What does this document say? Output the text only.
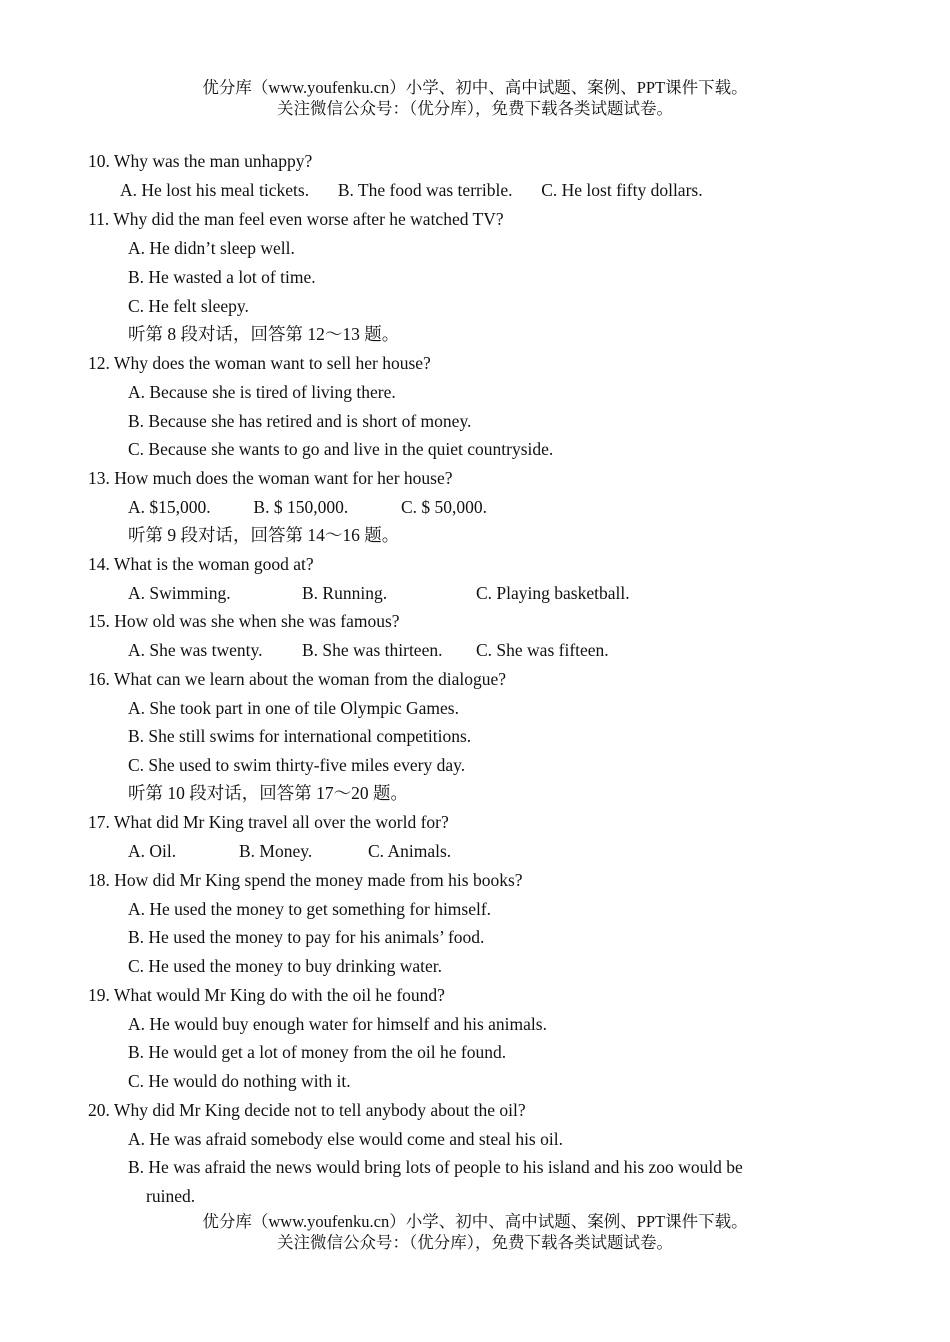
优分库（www.youfenku.cn）小学、初中、高中试题、案例、PPT课件下载。
关注微信公众号：（优分库），免费下载各类试题试卷。
10. Why was the man unhappy?
A. He lost his meal tickets. B. The food was terrible. C. He lost fifty dollars.
11. Why did the man feel even worse after he watched TV?
A. He didn’t sleep well.
B. He wasted a lot of time.
C. He felt sleepy.
听第 8 段对话，回答第 12～13 题。
12. Why does the woman want to sell her house?
A. Because she is tired of living there.
B. Because she has retired and is short of money.
C. Because she wants to go and live in the quiet countryside.
13. How much does the woman want for her house?
A. $15,000. B. $ 150,000.	C. $ 50,000.
听第 9 段对话，回答第 14～16 题。
14. What is the woman good at?
A. Swimming.	B. Running.	C. Playing basketball.
15. How old was she when she was famous?
A. She was twenty. B. She was thirteen. C. She was fifteen.
16. What can we learn about the woman from the dialogue?
A. She took part in one of tile Olympic Games.
B. She still swims for international competitions.
C. She used to swim thirty-five miles every day.
听第 10 段对话，回答第 17～20 题。
17. What did Mr King travel all over the world for?
A. Oil.	B. Money.	C. Animals.
18. How did Mr King spend the money made from his books?
A. He used the money to get something for himself.
B. He used the money to pay for his animals’ food.
C. He used the money to buy drinking water.
19. What would Mr King do with the oil he found?
A. He would buy enough water for himself and his animals.
B. He would get a lot of money from the oil he found.
C. He would do nothing with it.
20. Why did Mr King decide not to tell anybody about the oil?
A. He was afraid somebody else would come and steal his oil.
B. He was afraid the news would bring lots of people to his island and his zoo would be
ruined.
优分库（www.youfenku.cn）小学、初中、高中试题、案例、PPT课件下载。
关注微信公众号：（优分库），免费下载各类试题试卷。
